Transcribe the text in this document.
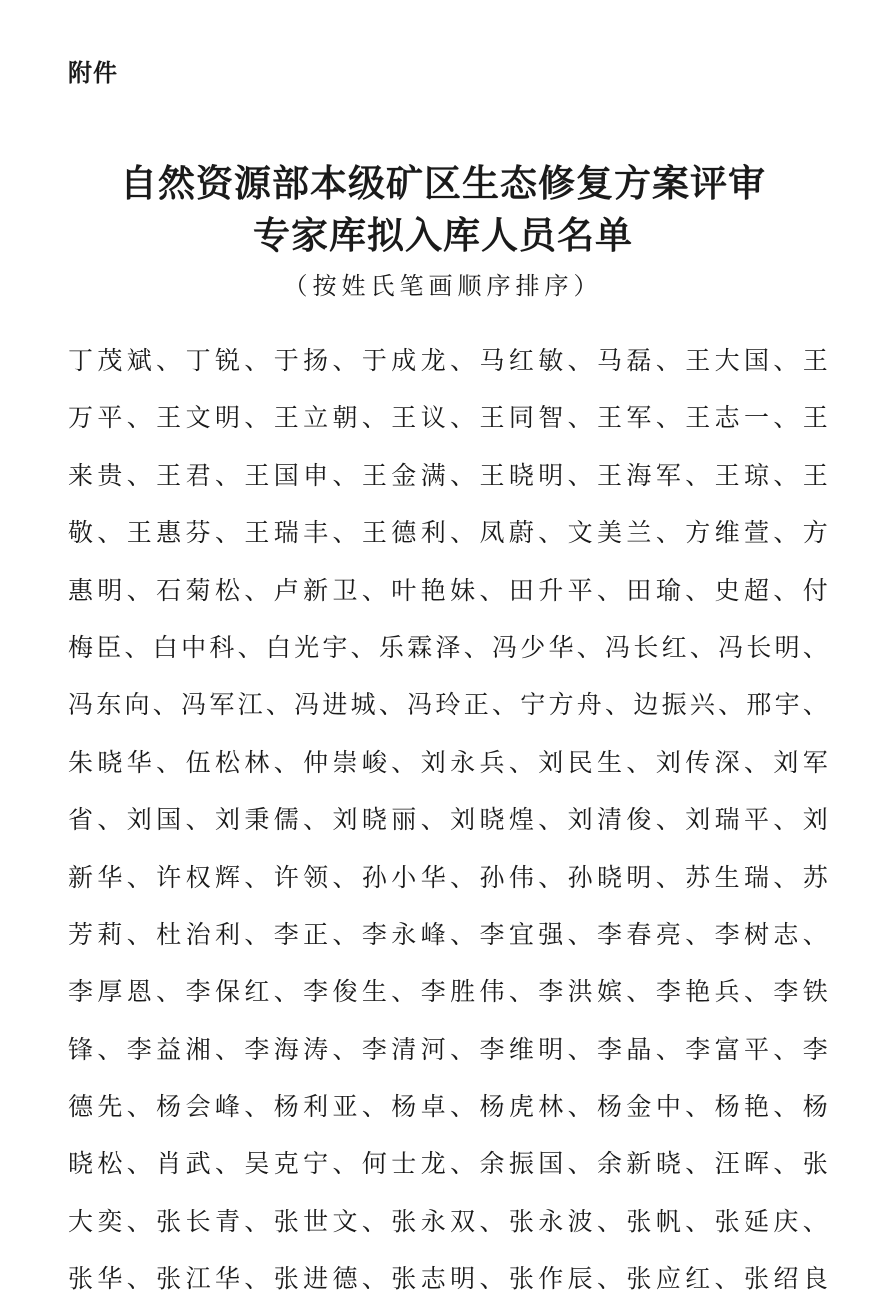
附件
自然资源部本级矿区生态修复方案评审
专家库拟入库人员名单
（按姓氏笔画顺序排序）
丁 茂 斌 、 丁 锐 、 于 扬 、 于 成 龙 、 马 红 敏 、 马 磊 、 王 大 国 、 王
万 平 、 王 文 明 、 王 立 朝 、 王 议 、 王 同 智 、 王 军 、 王 志 一 、 王
来 贵 、 王 君 、 王 国 申 、 王 金 满 、 王 晓 明 、 王 海 军 、 王 琼 、 王
敬 、 王 惠 芬 、 王 瑞 丰 、 王 德 利 、 凤 蔚 、 文 美 兰 、 方 维 萱 、 方
惠 明 、 石 菊 松 、 卢 新 卫 、 叶 艳 妹 、 田 升 平 、 田 瑜 、 史 超 、 付
梅 臣 、 白 中 科 、 白 光 宇 、 乐 霖 泽 、 冯 少 华 、 冯 长 红 、 冯 长 明 、
冯 东 向 、 冯 军 江 、 冯 进 城 、 冯 玲 正 、 宁 方 舟 、 边 振 兴 、 邢 宇 、
朱 晓 华 、 伍 松 林 、 仲 崇 峻 、 刘 永 兵 、 刘 民 生 、 刘 传 深 、 刘 军
省 、 刘 国 、 刘 秉 儒 、 刘 晓 丽 、 刘 晓 煌 、 刘 清 俊 、 刘 瑞 平 、 刘
新 华 、 许 权 辉 、 许 领 、 孙 小 华 、 孙 伟 、 孙 晓 明 、 苏 生 瑞 、 苏
芳 莉 、 杜 治 利 、 李 正 、 李 永 峰 、 李 宜 强 、 李 春 亮 、 李 树 志 、
李 厚 恩 、 李 保 红 、 李 俊 生 、 李 胜 伟 、 李 洪 嫔 、 李 艳 兵 、 李 铁
锋 、 李 益 湘 、 李 海 涛 、 李 清 河 、 李 维 明 、 李 晶 、 李 富 平 、 李
德 先 、 杨 会 峰 、 杨 利 亚 、 杨 卓 、 杨 虎 林 、 杨 金 中 、 杨 艳 、 杨
晓 松 、 肖 武 、 吴 克 宁 、 何 士 龙 、 余 振 国 、 余 新 晓 、 汪 晖 、 张
大 奕 、 张 长 青 、 张 世 文 、 张 永 双 、 张 永 波 、 张 帆 、 张 延 庆 、
张 华 、 张 江 华 、 张 进 德 、 张 志 明 、 张 作 辰 、 张 应 红 、 张 绍 良
